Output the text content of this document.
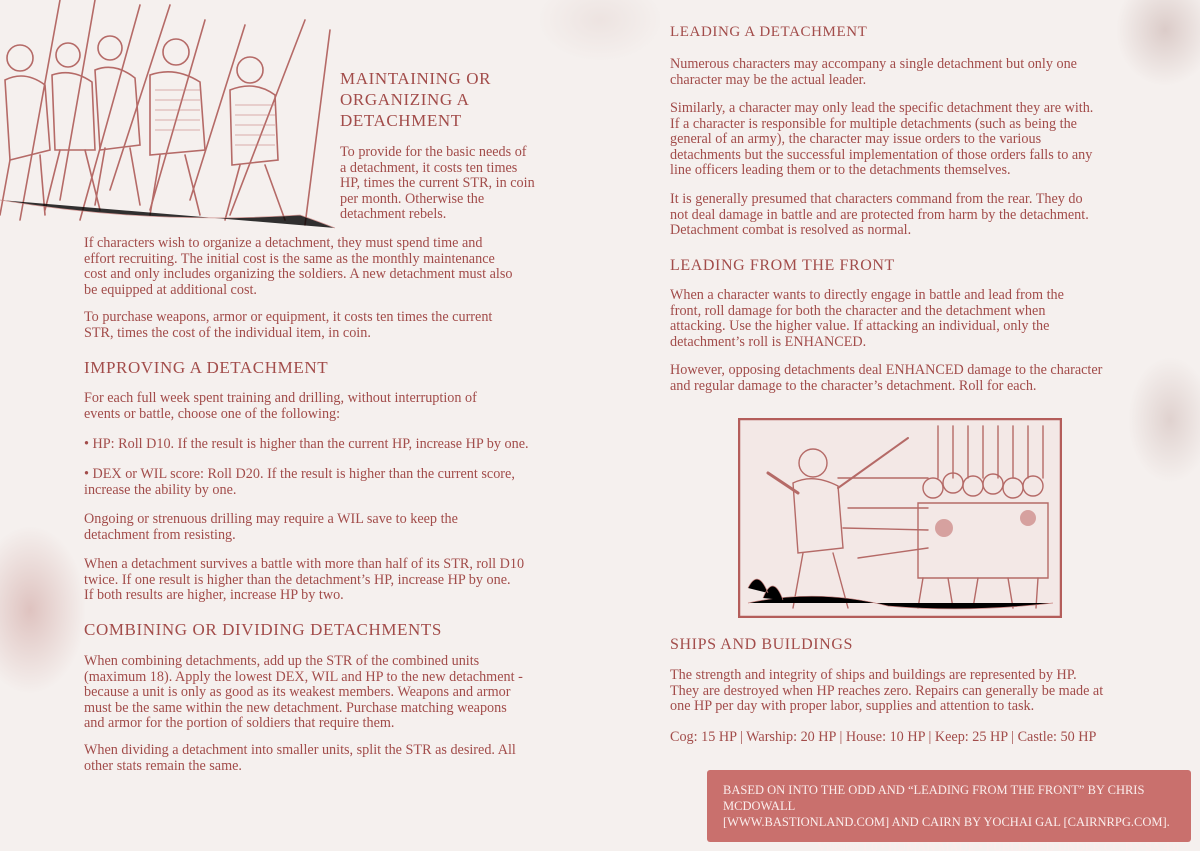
MAINTAINING OR
ORGANIZING A
DETACHMENT
To provide for the basic needs of
a detachment, it costs ten times
HP, times the current STR, in coin
per month. Otherwise the
detachment rebels.
If characters wish to organize a detachment, they must spend time and
effort recruiting. The initial cost is the same as the monthly maintenance
cost and only includes organizing the soldiers. A new detachment must also
be equipped at additional cost.
To purchase weapons, armor or equipment, it costs ten times the current
STR, times the cost of the individual item, in coin.
IMPROVING A DETACHMENT
For each full week spent training and drilling, without interruption of
events or battle, choose one of the following:
• HP: Roll D10. If the result is higher than the current HP, increase HP by one.
• DEX or WIL score: Roll D20. If the result is higher than the current score,
increase the ability by one.
Ongoing or strenuous drilling may require a WIL save to keep the
detachment from resisting.
When a detachment survives a battle with more than half of its STR, roll D10
twice. If one result is higher than the detachment’s HP, increase HP by one.
If both results are higher, increase HP by two.
COMBINING OR DIVIDING DETACHMENTS
When combining detachments, add up the STR of the combined units
(maximum 18). Apply the lowest DEX, WIL and HP to the new detachment -
because a unit is only as good as its weakest members. Weapons and armor
must be the same within the new detachment. Purchase matching weapons
and armor for the portion of soldiers that require them.
When dividing a detachment into smaller units, split the STR as desired. All
other stats remain the same.
LEADING A DETACHMENT
Numerous characters may accompany a single detachment but only one
character may be the actual leader.
Similarly, a character may only lead the specific detachment they are with.
If a character is responsible for multiple detachments (such as being the
general of an army), the character may issue orders to the various
detachments but the successful implementation of those orders falls to any
line officers leading them or to the detachments themselves.
It is generally presumed that characters command from the rear. They do
not deal damage in battle and are protected from harm by the detachment.
Detachment combat is resolved as normal.
LEADING FROM THE FRONT
When a character wants to directly engage in battle and lead from the
front, roll damage for both the character and the detachment when
attacking. Use the higher value. If attacking an individual, only the
detachment’s roll is ENHANCED.
However, opposing detachments deal ENHANCED damage to the character
and regular damage to the character’s detachment. Roll for each.
SHIPS AND BUILDINGS
The strength and integrity of ships and buildings are represented by HP.
They are destroyed when HP reaches zero. Repairs can generally be made at
one HP per day with proper labor, supplies and attention to task.
Cog: 15 HP | Warship: 20 HP | House: 10 HP | Keep: 25 HP | Castle: 50 HP
BASED ON INTO THE ODD AND “LEADING FROM THE FRONT” BY CHRIS MCDOWALL
[WWW.BASTIONLAND.COM] AND CAIRN BY YOCHAI GAL [CAIRNRPG.COM].
Version 1.0 • HUMAN MADE • PUBLISHED UNDER CC-BY-SA 4.0
